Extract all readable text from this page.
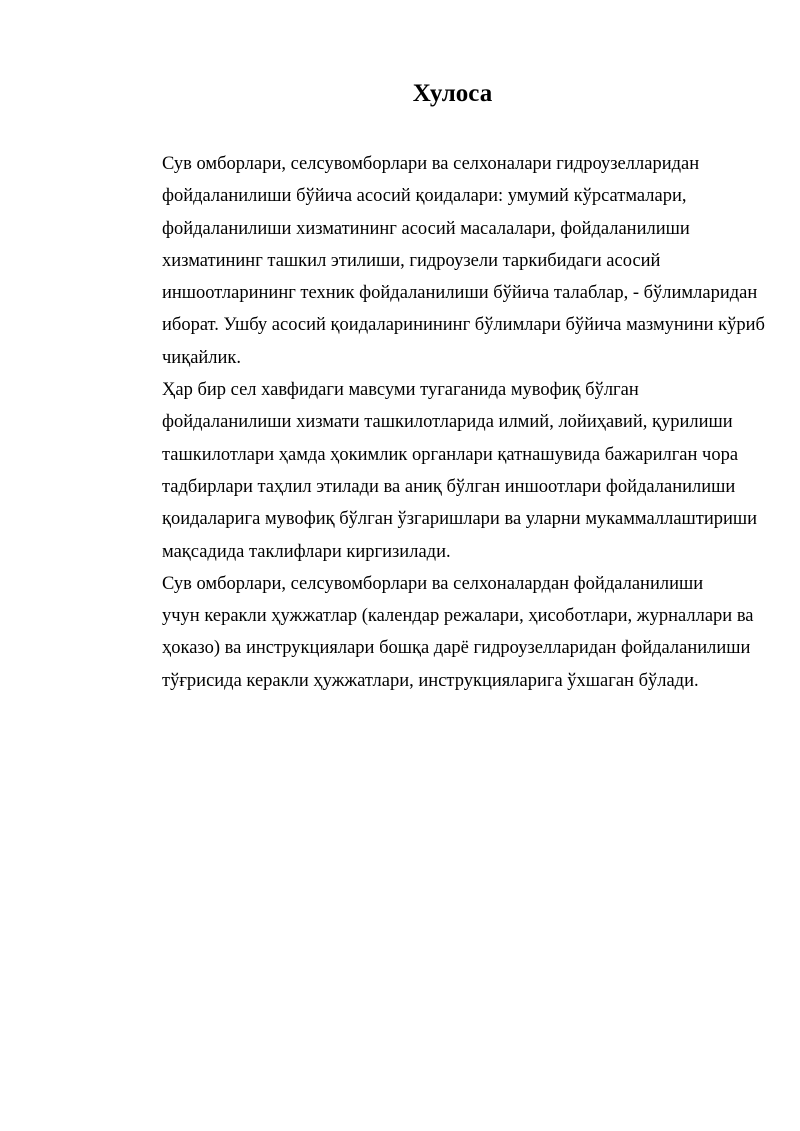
Хулоса

Сув омборлари, селсувомборлари ва селхоналари гидроузелларидан
фойдаланилиши бўйича асосий қоидалари: умумий кўрсатмалари,
фойдаланилиши хизматининг асосий масалалари, фойдаланилиши
хизматининг ташкил этилиши, гидроузели таркибидаги асосий
иншоотларининг техник фойдаланилиши бўйича талаблар, - бўлимларидан
иборат. Ушбу асосий қоидаларинининг бўлимлари бўйича мазмунини кўриб
чиқайлик.

Ҳар бир сел хавфидаги мавсуми тугаганида мувофиқ бўлган
фойдаланилиши хизмати ташкилотларида илмий, лойиҳавий, қурилиши
ташкилотлари ҳамда ҳокимлик органлари қатнашувида бажарилган чора
тадбирлари таҳлил этилади ва аниқ бўлган иншоотлари фойдаланилиши
қоидаларига мувофиқ бўлган ўзгаришлари ва уларни мукаммаллаштириши
мақсадида таклифлари киргизилади.

Сув омборлари, селсувомборлари ва селхоналардан фойдаланилиши
учун керакли ҳужжатлар (календар режалари, ҳисоботлари, журналлари ва
ҳоказо) ва инструкциялари бошқа дарё гидроузелларидан фойдаланилиши
тўғрисида керакли ҳужжатлари, инструкцияларига ўхшаган бўлади.
